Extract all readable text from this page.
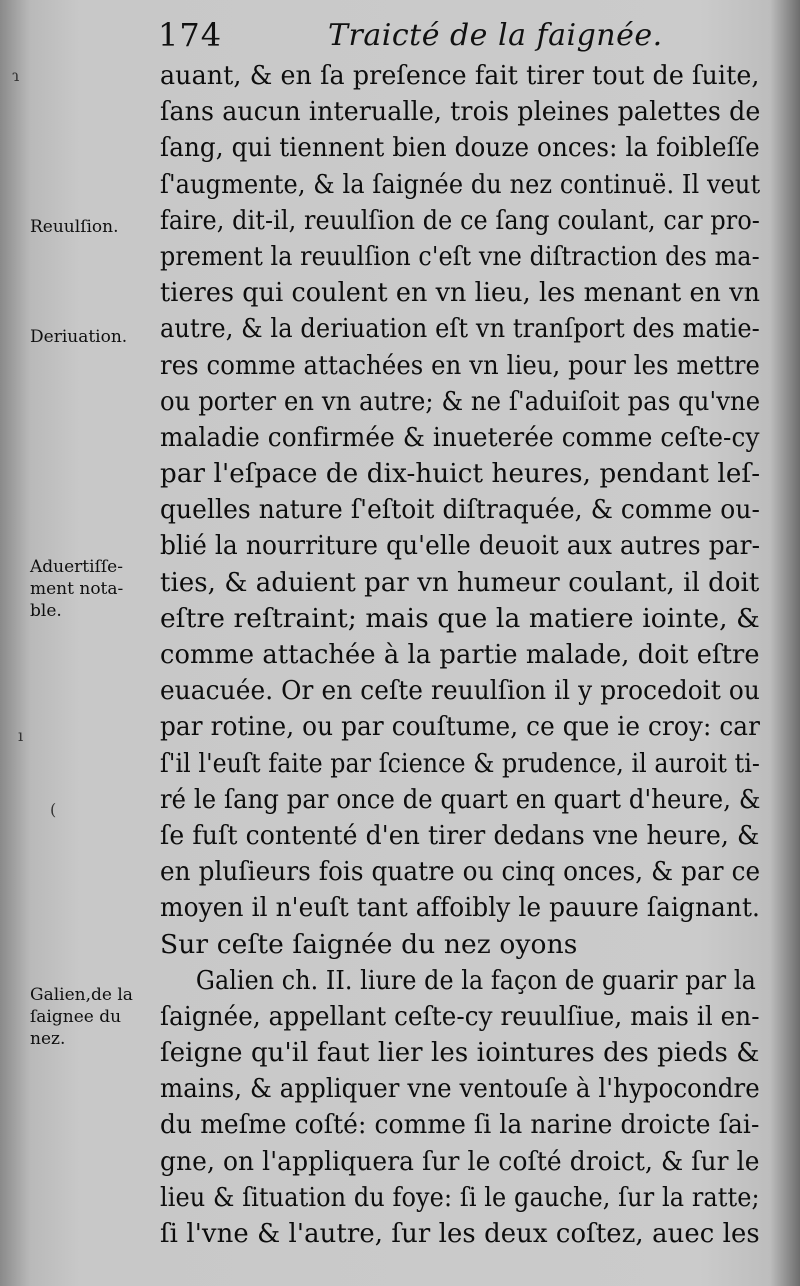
174	Traicté de la faignée.
ɿ
Reuulſion.
Deriuation.
Aduertiſſe-
ment nota-
ble.
Galien,de la
ſaignee du
nez.
ı
(
auant, & en ſa preſence fait tirer tout de ſuite,
ſans aucun interualle, trois pleines palettes de
ſang, qui tiennent bien douze onces: la foibleſſe
ſ'augmente, & la ſaignée du nez continuë. Il veut
faire, dit-il, reuulſion de ce ſang coulant, car pro-
prement la reuulſion c'eſt vne diſtraction des ma-
tieres qui coulent en vn lieu, les menant en vn
autre, & la deriuation eſt vn tranſport des matie-
res comme attachées en vn lieu, pour les mettre
ou porter en vn autre; & ne ſ'aduiſoit pas qu'vne
maladie confirmée & inueterée comme ceſte-cy
par l'eſpace de dix-huict heures, pendant leſ-
quelles nature ſ'eſtoit diſtraquée, & comme ou-
blié la nourriture qu'elle deuoit aux autres par-
ties, & aduient par vn humeur coulant, il doit
eſtre reſtraint; mais que la matiere iointe, &
comme attachée à la partie malade, doit eſtre
euacuée. Or en ceſte reuulſion il y procedoit ou
par rotine, ou par couſtume, ce que ie croy: car
ſ'il l'euſt faite par ſcience & prudence, il auroit ti-
ré le ſang par once de quart en quart d'heure, &
ſe fuſt contenté d'en tirer dedans vne heure, &
en pluſieurs fois quatre ou cinq onces, & par ce
moyen il n'euſt tant affoibly le pauure ſaignant.
Sur ceſte ſaignée du nez oyons
Galien ch. II. liure de la façon de guarir par la
ſaignée, appellant ceſte-cy reuulſiue, mais il en-
ſeigne qu'il faut lier les iointures des pieds &
mains, & appliquer vne ventouſe à l'hypocondre
du meſme coſté: comme ſi la narine droicte ſai-
gne, on l'appliquera ſur le coſté droict, & ſur le
lieu & ſituation du foye: ſi le gauche, ſur la ratte;
ſi l'vne & l'autre, ſur les deux coſtez, auec les
